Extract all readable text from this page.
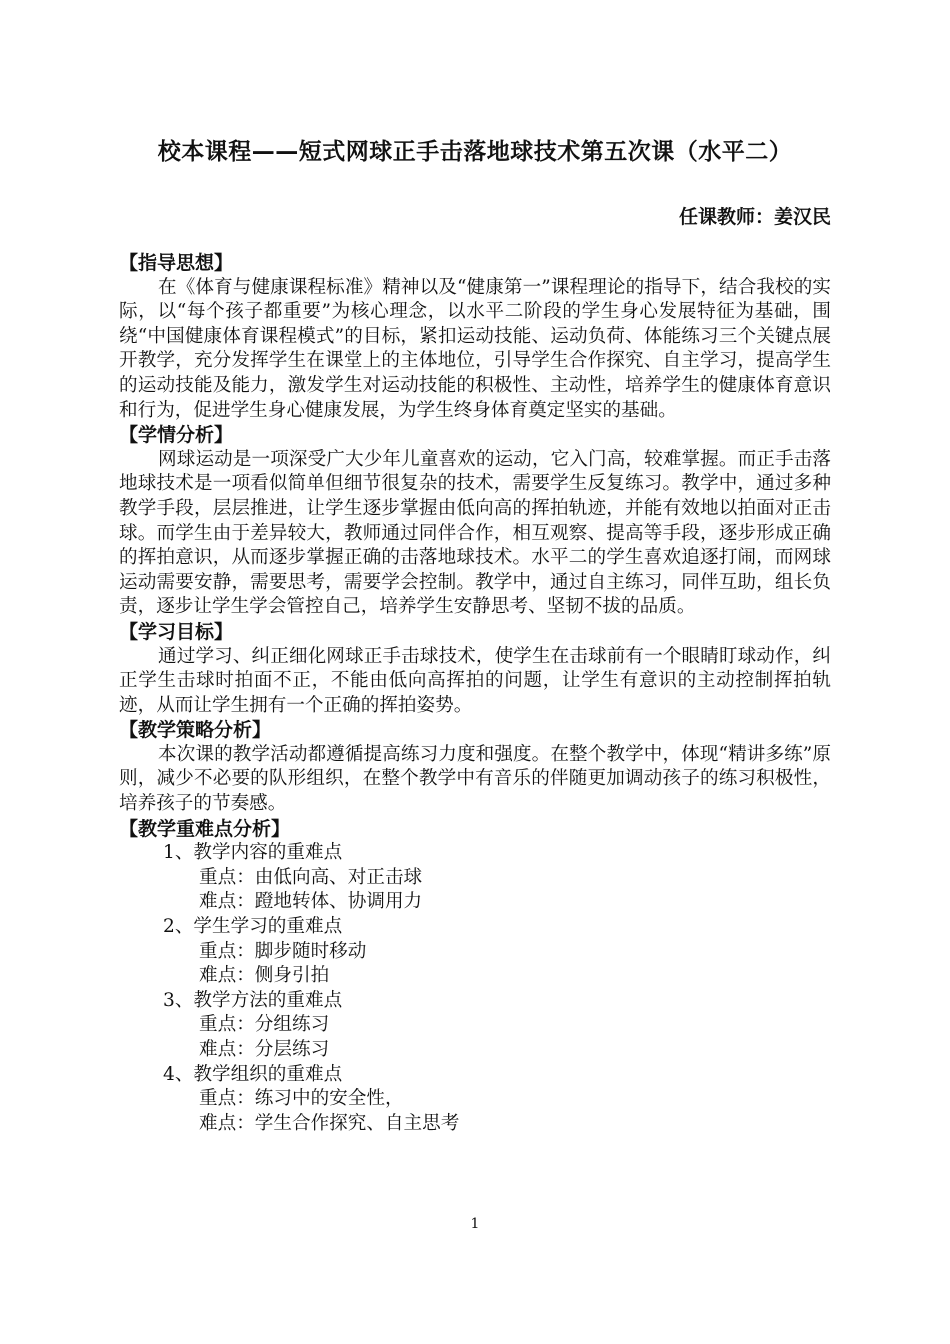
校本课程——短式网球正手击落地球技术第五次课（水平二）
任课教师：姜汉民
【指导思想】
在《体育与健康课程标准》精神以及“健康第一”课程理论的指导下，结合我校的实际，以“每个孩子都重要”为核心理念，以水平二阶段的学生身心发展特征为基础，围绕“中国健康体育课程模式”的目标，紧扣运动技能、运动负荷、体能练习三个关键点展开教学，充分发挥学生在课堂上的主体地位，引导学生合作探究、自主学习，提高学生的运动技能及能力，激发学生对运动技能的积极性、主动性，培养学生的健康体育意识和行为，促进学生身心健康发展，为学生终身体育奠定坚实的基础。
【学情分析】
网球运动是一项深受广大少年儿童喜欢的运动，它入门高，较难掌握。而正手击落地球技术是一项看似简单但细节很复杂的技术，需要学生反复练习。教学中，通过多种教学手段，层层推进，让学生逐步掌握由低向高的挥拍轨迹，并能有效地以拍面对正击球。而学生由于差异较大，教师通过同伴合作，相互观察、提高等手段，逐步形成正确的挥拍意识，从而逐步掌握正确的击落地球技术。水平二的学生喜欢追逐打闹，而网球运动需要安静，需要思考，需要学会控制。教学中，通过自主练习，同伴互助，组长负责，逐步让学生学会管控自己，培养学生安静思考、坚韧不拔的品质。
【学习目标】
通过学习、纠正细化网球正手击球技术，使学生在击球前有一个眼睛盯球动作，纠正学生击球时拍面不正，不能由低向高挥拍的问题，让学生有意识的主动控制挥拍轨迹，从而让学生拥有一个正确的挥拍姿势。
【教学策略分析】
本次课的教学活动都遵循提高练习力度和强度。在整个教学中，体现“精讲多练”原则，减少不必要的队形组织，在整个教学中有音乐的伴随更加调动孩子的练习积极性，培养孩子的节奏感。
【教学重难点分析】
1、教学内容的重难点
重点：由低向高、对正击球
难点：蹬地转体、协调用力
2、学生学习的重难点
重点：脚步随时移动
难点：侧身引拍
3、教学方法的重难点
重点：分组练习
难点：分层练习
4、教学组织的重难点
重点：练习中的安全性，
难点：学生合作探究、自主思考
1
